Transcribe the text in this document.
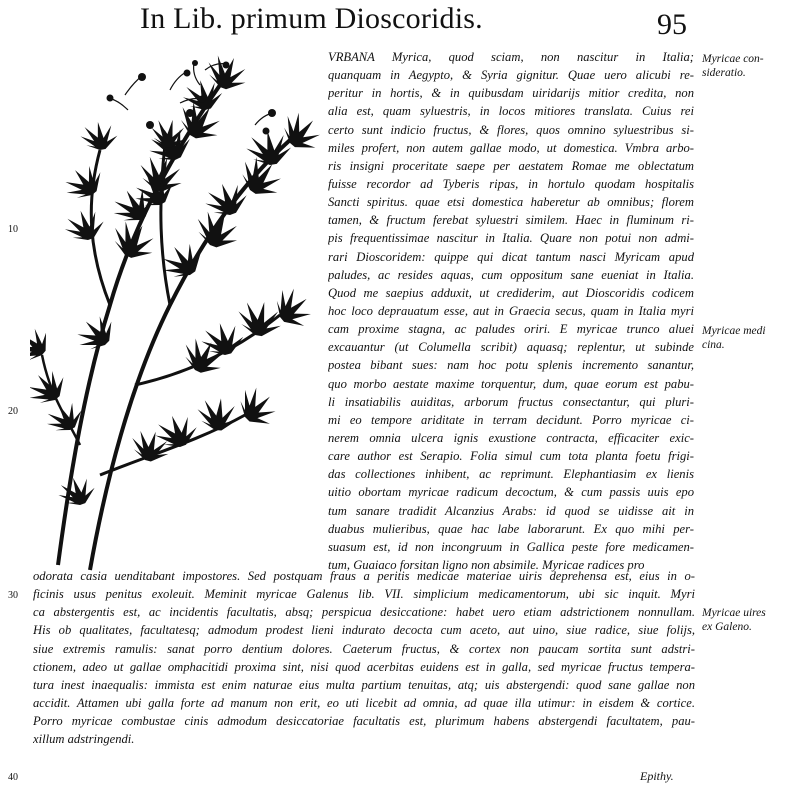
In Lib. primum Dioscoridis.	95
VRBANA Myrica, quod sciam, non nascitur in Italia;
quanquam in Aegypto, & Syria gignitur. Quae uero alicubi re-
peritur in hortis, & in quibusdam uiridarijs mitior credita, non
alia est, quam syluestris, in locos mitiores translata. Cuius rei
certo sunt indicio fructus, & flores, quos omnino syluestribus si-
miles profert, non autem gallae modo, ut domestica. Vmbra arbo-
ris insigni proceritate saepe per aestatem Romae me oblectatum
fuisse recordor ad Tyberis ripas, in hortulo quodam hospitalis
Sancti spiritus. quae etsi domestica haberetur ab omnibus; florem
tamen, & fructum ferebat syluestri similem. Haec in fluminum ri-
pis frequentissimae nascitur in Italia. Quare non potui non admi-
rari Dioscoridem: quippe qui dicat tantum nasci Myricam apud
paludes, ac resides aquas, cum oppositum sane eueniat in Italia.
Quod me saepius adduxit, ut crediderim, aut Dioscoridis codicem
hoc loco deprauatum esse, aut in Graecia secus, quam in Italia myri
cam proxime stagna, ac paludes oriri. E myricae trunco aluei
excauantur (ut Columella scribit) aquasq; replentur, ut subinde
postea bibant sues: nam hoc potu splenis incremento sanantur,
quo morbo aestate maxime torquentur, dum, quae eorum est pabu-
li insatiabilis auiditas, arborum fructus consectantur, qui pluri-
mi eo tempore ariditate in terram decidunt. Porro myricae ci-
nerem omnia ulcera ignis exustione contracta, efficaciter exic-
care author est Serapio. Folia simul cum tota planta foetu frigi-
das collectiones inhibent, ac reprimunt. Elephantiasim ex lienis
uitio obortam myricae radicum decoctum, & cum passis uuis epo
tum sanare tradidit Alcanzius Arabs: id quod se uidisse ait in
duabus mulieribus, quae hac labe laborarunt. Ex quo mihi per-
suasum est, id non incongruum in Gallica peste fore medicamen-
tum, Guaiaco forsitan ligno non absimile. Myricae radices pro
Myricae con-
sideratio.
Myricae medi
cina.
Myricae uires
ex Galeno.
10
20
30
40
odorata casia uenditabant impostores. Sed postquam fraus a peritis medicae materiae uiris deprehensa est, eius in o-
ficinis usus penitus exoleuit. Meminit myricae Galenus lib. VII. simplicium medicamentorum, ubi sic inquit. Myri
ca abstergentis est, ac incidentis facultatis, absq; perspicua desiccatione: habet uero etiam adstrictionem nonnullam.
His ob qualitates, facultatesq; admodum prodest lieni indurato decocta cum aceto, aut uino, siue radice, siue folijs,
siue extremis ramulis: sanat porro dentium dolores. Caeterum fructus, & cortex non paucam sortita sunt adstri-
ctionem, adeo ut gallae omphacitidi proxima sint, nisi quod acerbitas euidens est in galla, sed myricae fructus tempera-
tura inest inaequalis: immista est enim naturae eius multa partium tenuitas, atq; uis abstergendi: quod sane gallae non
accidit. Attamen ubi galla forte ad manum non erit, eo uti licebit ad omnia, ad quae illa utimur: in eisdem & cortice.
Porro myricae combustae cinis admodum desiccatoriae facultatis est, plurimum habens abstergendi facultatem, pau-
xillum adstringendi.
Epithy.
